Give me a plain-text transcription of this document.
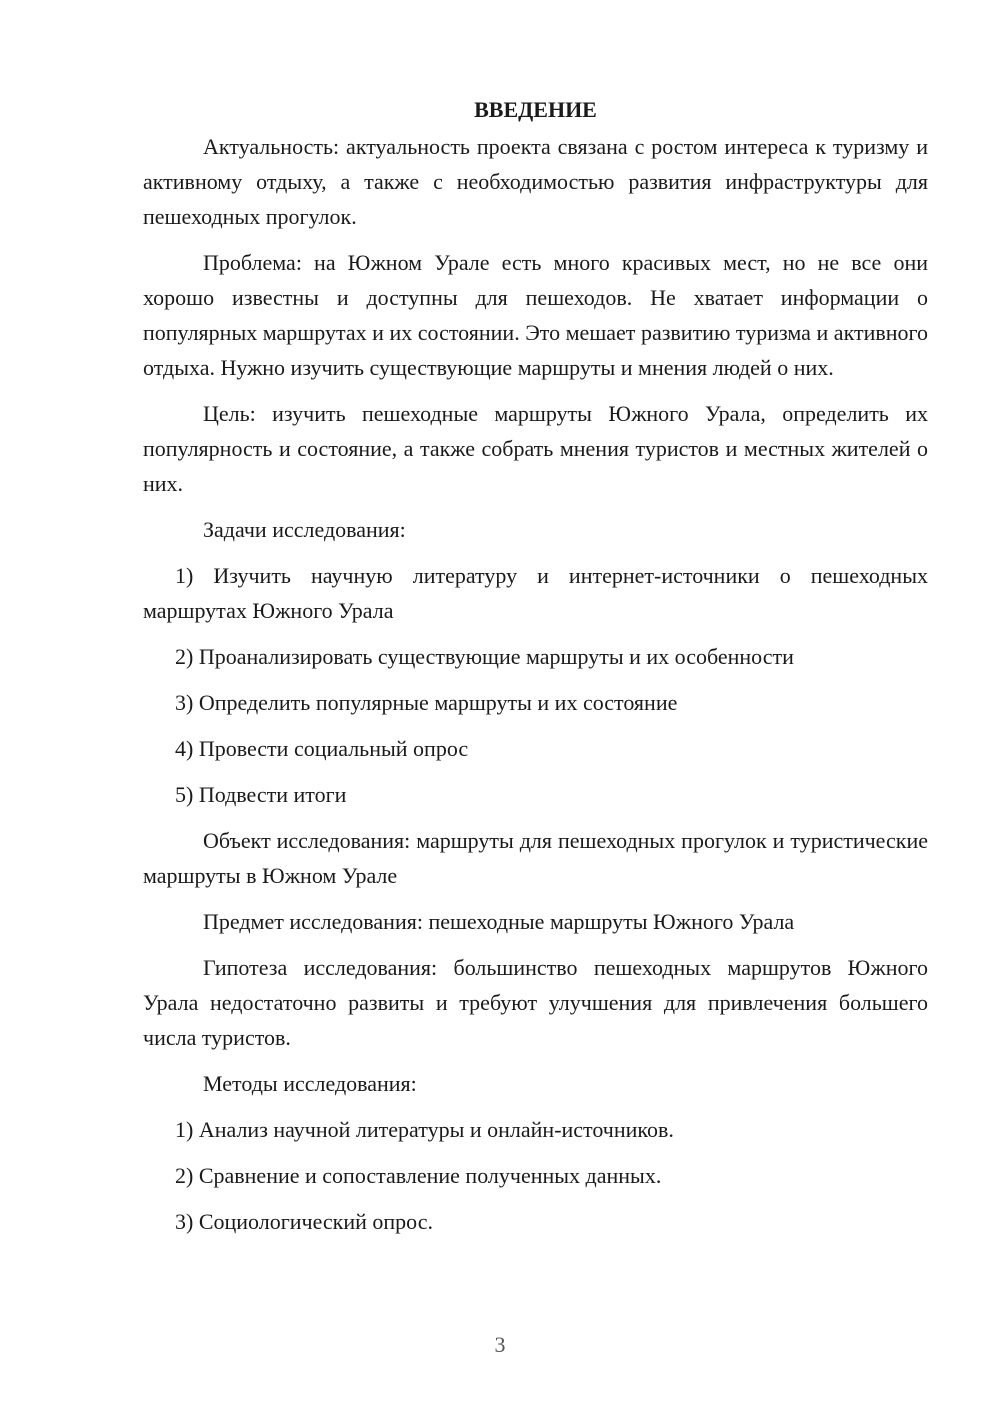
ВВЕДЕНИЕ

Актуальность: актуальность проекта связана с ростом интереса к туризму и активному отдыху, а также с необходимостью развития инфраструктуры для пешеходных прогулок.

Проблема: на Южном Урале есть много красивых мест, но не все они хорошо известны и доступны для пешеходов. Не хватает информации о популярных маршрутах и их состоянии. Это мешает развитию туризма и активного отдыха. Нужно изучить существующие маршруты и мнения людей о них.

Цель: изучить пешеходные маршруты Южного Урала, определить их популярность и состояние, а также собрать мнения туристов и местных жителей о них.

Задачи исследования:

1) Изучить научную литературу и интернет-источники о пешеходных маршрутах Южного Урала

2) Проанализировать существующие маршруты и их особенности

3) Определить популярные маршруты и их состояние

4) Провести социальный опрос

5) Подвести итоги

Объект исследования: маршруты для пешеходных прогулок и туристические маршруты в Южном Урале

Предмет исследования: пешеходные маршруты Южного Урала

Гипотеза исследования: большинство пешеходных маршрутов Южного Урала недостаточно развиты и требуют улучшения для привлечения большего числа туристов.

Методы исследования:

1) Анализ научной литературы и онлайн-источников.

2) Сравнение и сопоставление полученных данных.

3) Социологический опрос.

3
